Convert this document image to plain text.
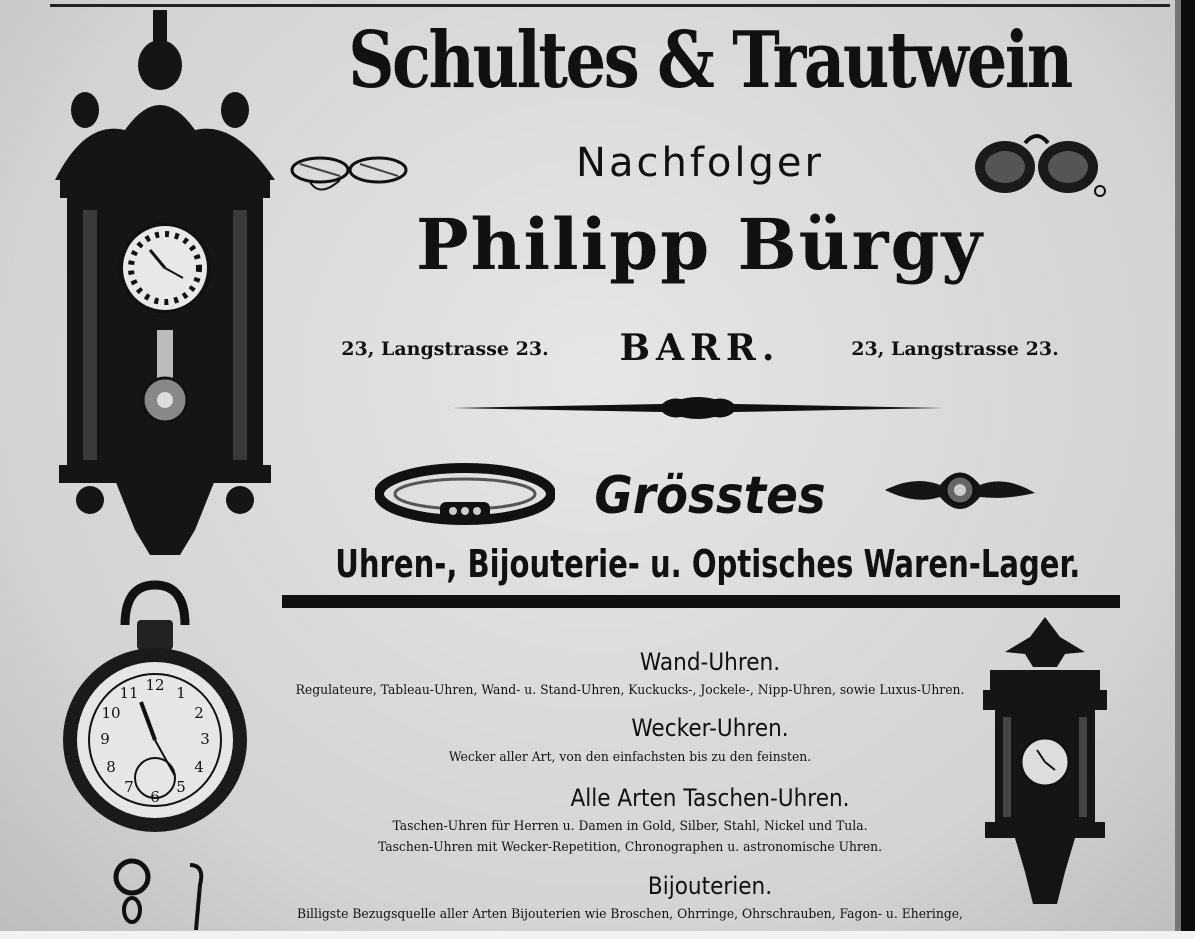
Schultes & Trautwein

Nachfolger

Philipp Bürgy

23, Langstrasse 23.	BARR.	23, Langstrasse 23.

Grösstes

Uhren-, Bijouterie- u. Optisches Waren-Lager.

12
3
6
9
1
2
4
5
7
8
10
11

Wand-Uhren.

Regulateure, Tableau-Uhren, Wand- u. Stand-Uhren, Kuckucks-, Jockele-, Nipp-Uhren, sowie Luxus-Uhren.

Wecker-Uhren.

Wecker aller Art, von den einfachsten bis zu den feinsten.

Alle Arten Taschen-Uhren.

Taschen-Uhren für Herren u. Damen in Gold, Silber, Stahl, Nickel und Tula.

Taschen-Uhren mit Wecker-Repetition, Chronographen u. astronomische Uhren.

Bijouterien.

Billigste Bezugsquelle aller Arten Bijouterien wie Broschen, Ohrringe, Ohrschrauben, Fagon- u. Eheringe,
